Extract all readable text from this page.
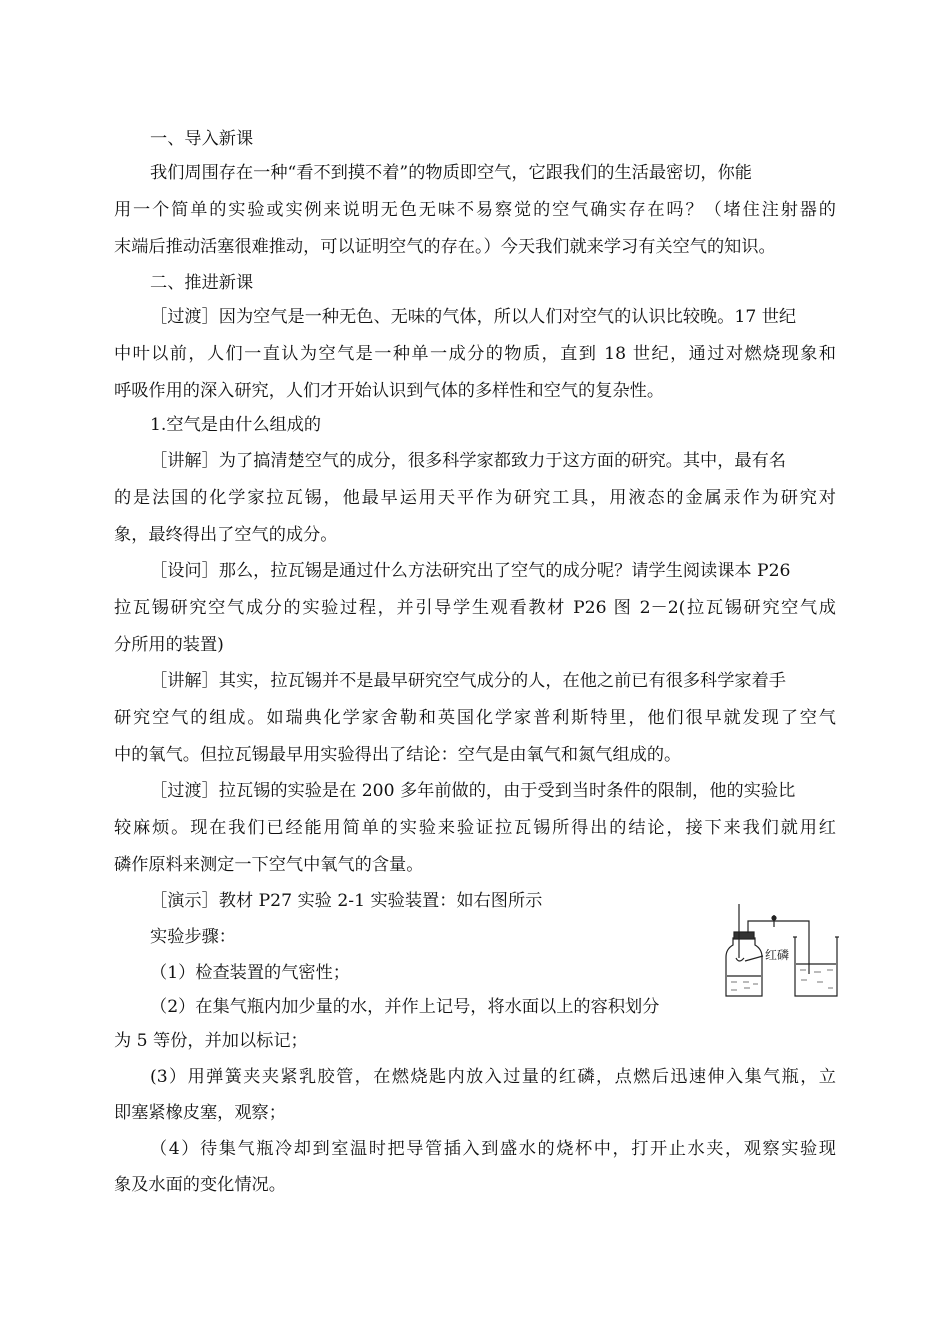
一、导入新课
我们周围存在一种“看不到摸不着”的物质即空气，它跟我们的生活最密切，你能
用一个简单的实验或实例来说明无色无味不易察觉的空气确实存在吗？（堵住注射器的
末端后推动活塞很难推动，可以证明空气的存在。）今天我们就来学习有关空气的知识。
二、推进新课
［过渡］因为空气是一种无色、无味的气体，所以人们对空气的认识比较晚。17 世纪
中叶以前，人们一直认为空气是一种单一成分的物质，直到 18 世纪，通过对燃烧现象和
呼吸作用的深入研究，人们才开始认识到气体的多样性和空气的复杂性。
1.空气是由什么组成的
［讲解］为了搞清楚空气的成分，很多科学家都致力于这方面的研究。其中，最有名
的是法国的化学家拉瓦锡，他最早运用天平作为研究工具，用液态的金属汞作为研究对
象，最终得出了空气的成分。
［设问］那么，拉瓦锡是通过什么方法研究出了空气的成分呢？请学生阅读课本 P26
拉瓦锡研究空气成分的实验过程，并引导学生观看教材 P26 图 2－2(拉瓦锡研究空气成
分所用的装置)
［讲解］其实，拉瓦锡并不是最早研究空气成分的人，在他之前已有很多科学家着手
研究空气的组成。如瑞典化学家舍勒和英国化学家普利斯特里，他们很早就发现了空气
中的氧气。但拉瓦锡最早用实验得出了结论：空气是由氧气和氮气组成的。
［过渡］拉瓦锡的实验是在 200 多年前做的，由于受到当时条件的限制，他的实验比
较麻烦。现在我们已经能用简单的实验来验证拉瓦锡所得出的结论，接下来我们就用红
磷作原料来测定一下空气中氧气的含量。
［演示］教材 P27 实验 2-1 实验装置：如右图所示
实验步骤：
（1）检查装置的气密性；
（2）在集气瓶内加少量的水，并作上记号，将水面以上的容积划分
为 5 等份，并加以标记；
(3）用弹簧夹夹紧乳胶管，在燃烧匙内放入过量的红磷，点燃后迅速伸入集气瓶，立
即塞紧橡皮塞，观察；
（4）待集气瓶冷却到室温时把导管插入到盛水的烧杯中，打开止水夹，观察实验现
象及水面的变化情况。
红磷
